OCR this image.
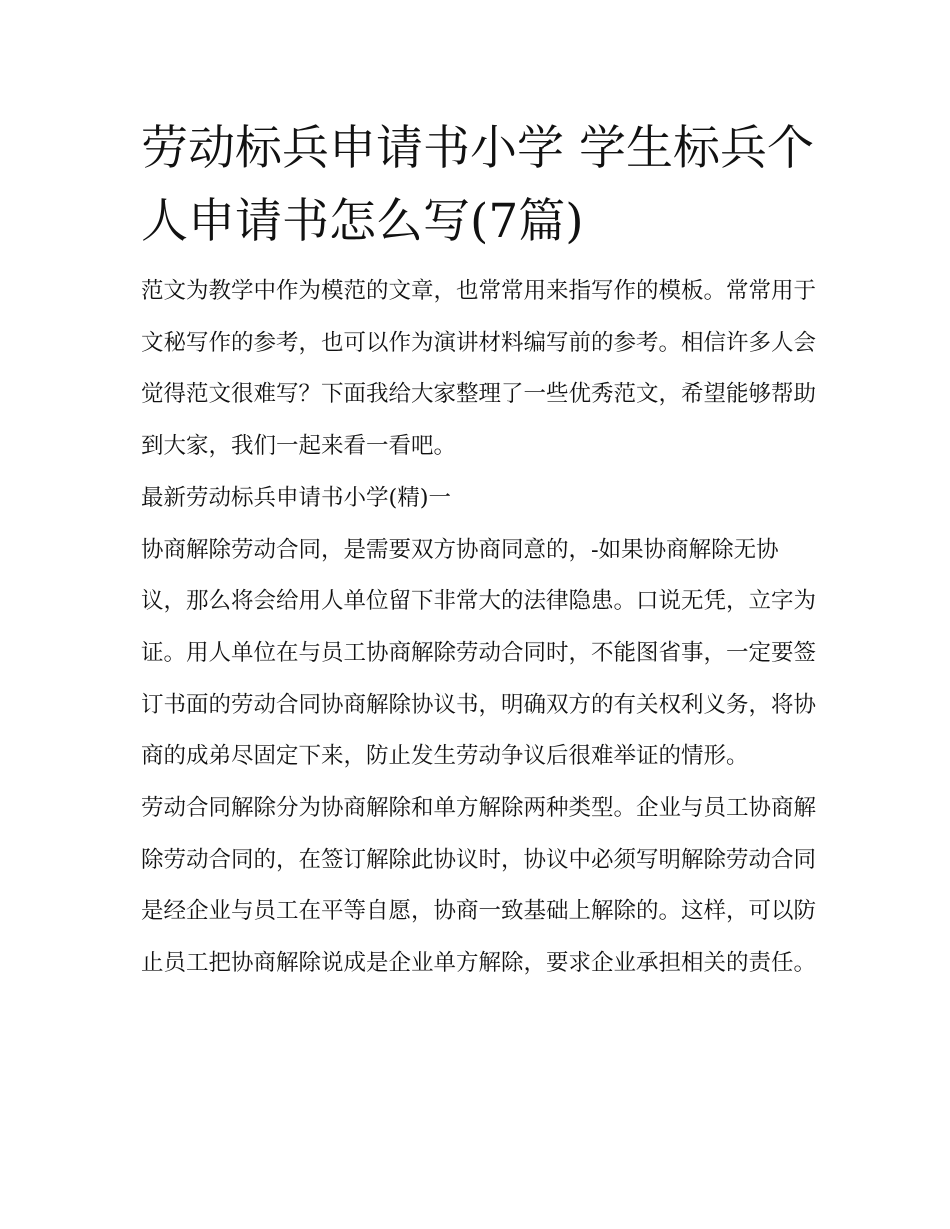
劳动标兵申请书小学 学生标兵个人申请书怎么写(7篇)

范文为教学中作为模范的文章，也常常用来指写作的模板。常常用于文秘写作的参考，也可以作为演讲材料编写前的参考。相信许多人会觉得范文很难写？下面我给大家整理了一些优秀范文，希望能够帮助到大家，我们一起来看一看吧。

最新劳动标兵申请书小学(精)一

协商解除劳动合同，是需要双方协商同意的，-如果协商解除无协议，那么将会给用人单位留下非常大的法律隐患。口说无凭，立字为证。用人单位在与员工协商解除劳动合同时，不能图省事，一定要签订书面的劳动合同协商解除协议书，明确双方的有关权利义务，将协商的成弟尽固定下来，防止发生劳动争议后很难举证的情形。

劳动合同解除分为协商解除和单方解除两种类型。企业与员工协商解除劳动合同的，在签订解除此协议时，协议中必须写明解除劳动合同是经企业与员工在平等自愿，协商一致基础上解除的。这样，可以防止员工把协商解除说成是企业单方解除，要求企业承担相关的责任。
